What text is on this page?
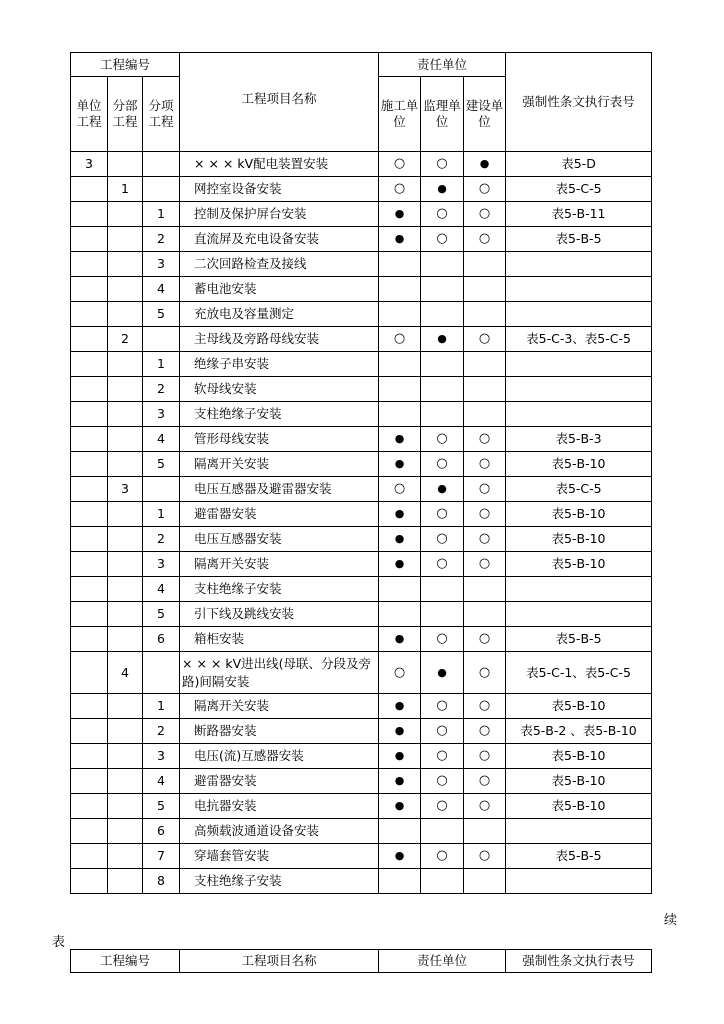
工程编号			工程项目名称	责任单位			强制性条文执行表号
单位工程	分部工程	分项工程		施工单位	监理单位	建设单位	
3			× × × kV配电装置安装	○	○	●	表5-D
	1		网控室设备安装	○	●	○	表5-C-5
		1	控制及保护屏台安装	●	○	○	表5-B-11
		2	直流屏及充电设备安装	●	○	○	表5-B-5
		3	二次回路检查及接线				
		4	蓄电池安装				
		5	充放电及容量测定				
	2		主母线及旁路母线安装	○	●	○	表5-C-3、表5-C-5
		1	绝缘子串安装				
		2	软母线安装				
		3	支柱绝缘子安装				
		4	管形母线安装	●	○	○	表5-B-3
		5	隔离开关安装	●	○	○	表5-B-10
	3		电压互感器及避雷器安装	○	●	○	表5-C-5
		1	避雷器安装	●	○	○	表5-B-10
		2	电压互感器安装	●	○	○	表5-B-10
		3	隔离开关安装	●	○	○	表5-B-10
		4	支柱绝缘子安装				
		5	引下线及跳线安装				
		6	箱柜安装	●	○	○	表5-B-5
	4		× × × kV进出线(母联、分段及旁路)间隔安装	○	●	○	表5-C-1、表5-C-5
		1	隔离开关安装	●	○	○	表5-B-10
		2	断路器安装	●	○	○	表5-B-2 、表5-B-10
		3	电压(流)互感器安装	●	○	○	表5-B-10
		4	避雷器安装	●	○	○	表5-B-10
		5	电抗器安装	●	○	○	表5-B-10
		6	高频载波通道设备安装				
		7	穿墙套管安装	●	○	○	表5-B-5
		8	支柱绝缘子安装				
续
表
工程编号	工程项目名称	责任单位	强制性条文执行表号
